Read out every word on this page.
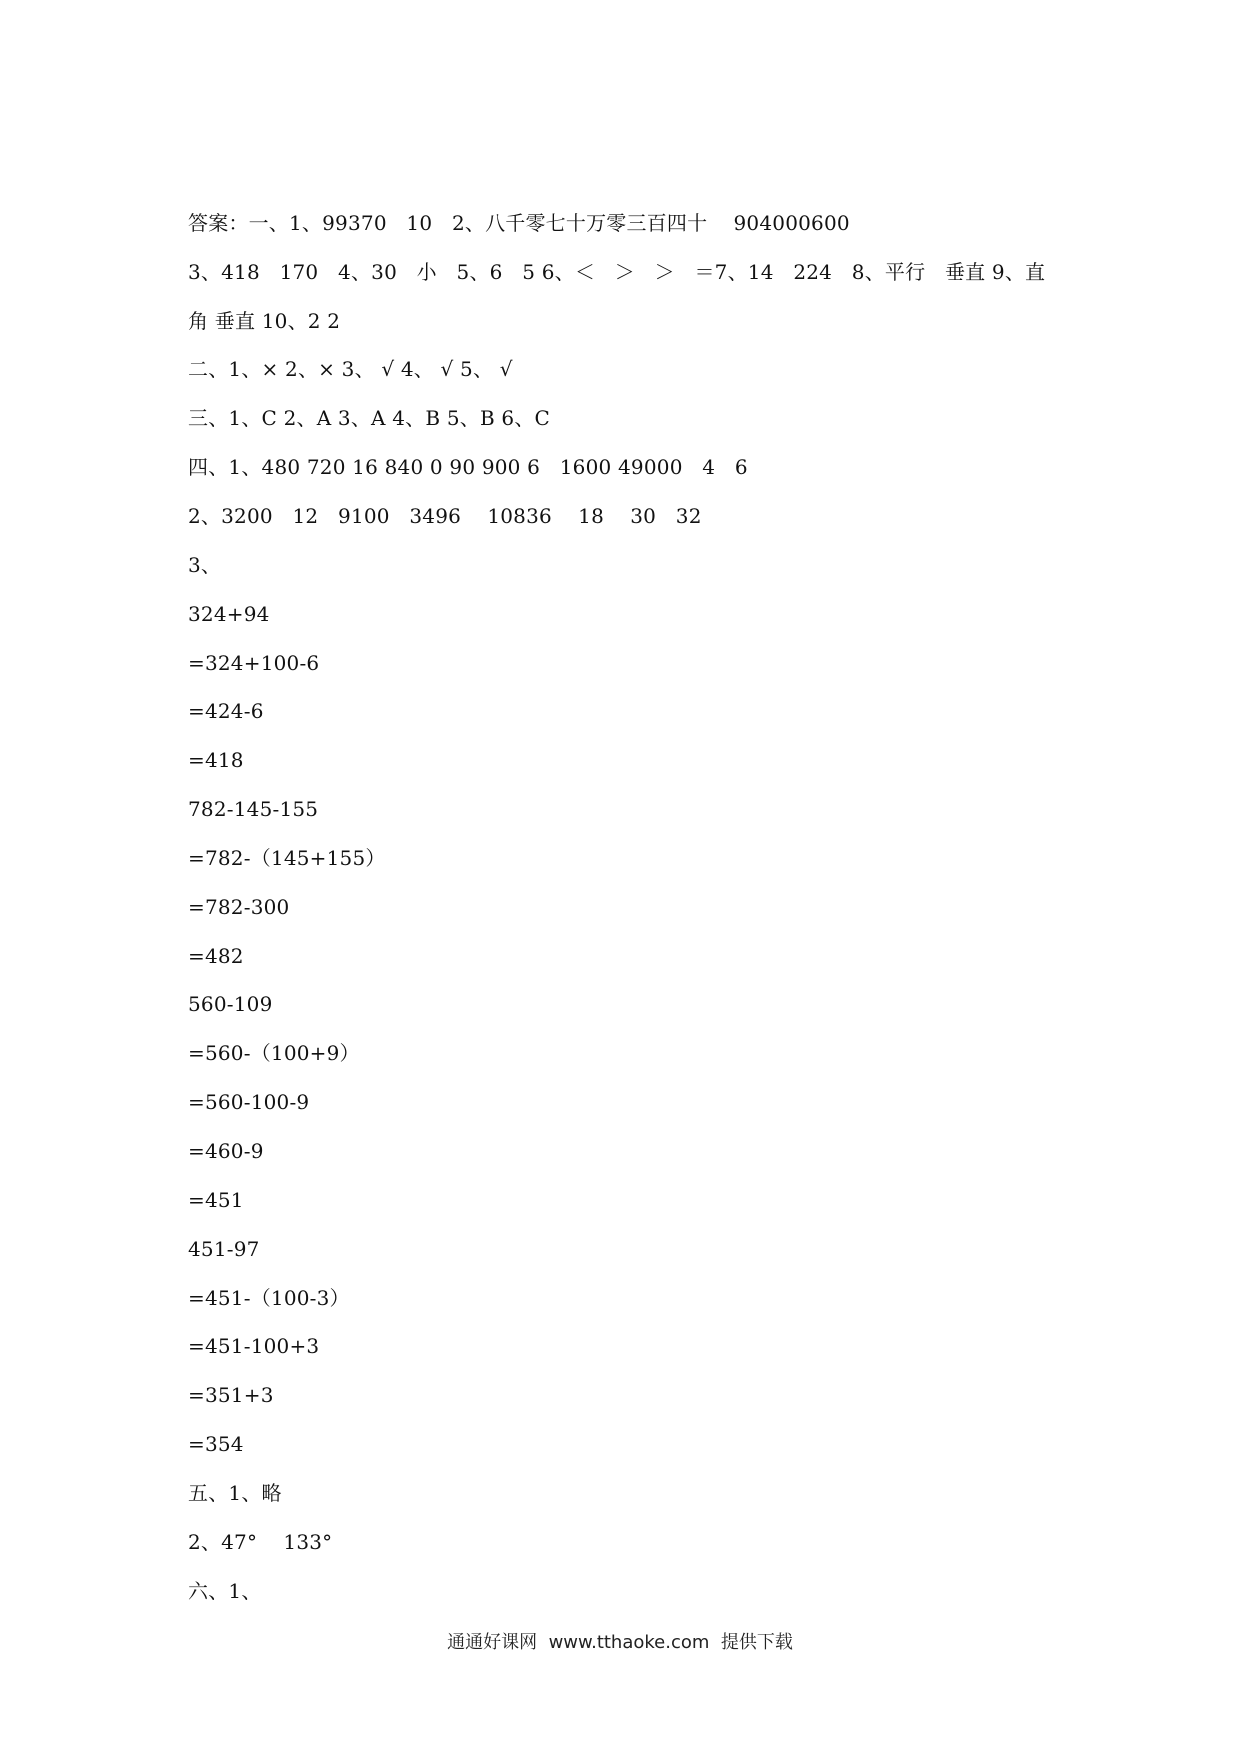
答案：一、1、99370   10   2、八千零七十万零三百四十    904000600
3、418   170   4、30   小   5、6   5 6、＜   ＞   ＞   ＝7、14   224   8、平行   垂直 9、直
角 垂直 10、2 2
二、1、× 2、× 3、 √ 4、 √ 5、 √
三、1、C 2、A 3、A 4、B 5、B 6、C
四、1、480 720 16 840 0 90 900 6   1600 49000   4   6
2、3200   12   9100   3496    10836    18    30   32
3、
324+94
=324+100-6
=424-6
=418
782-145-155
=782-（145+155）
=782-300
=482
560-109
=560-（100+9）
=560-100-9
=460-9
=451
451-97
=451-（100-3）
=451-100+3
=351+3
=354
五、1、略
2、47°    133°
六、1、
通通好课网  www.tthaoke.com  提供下载
